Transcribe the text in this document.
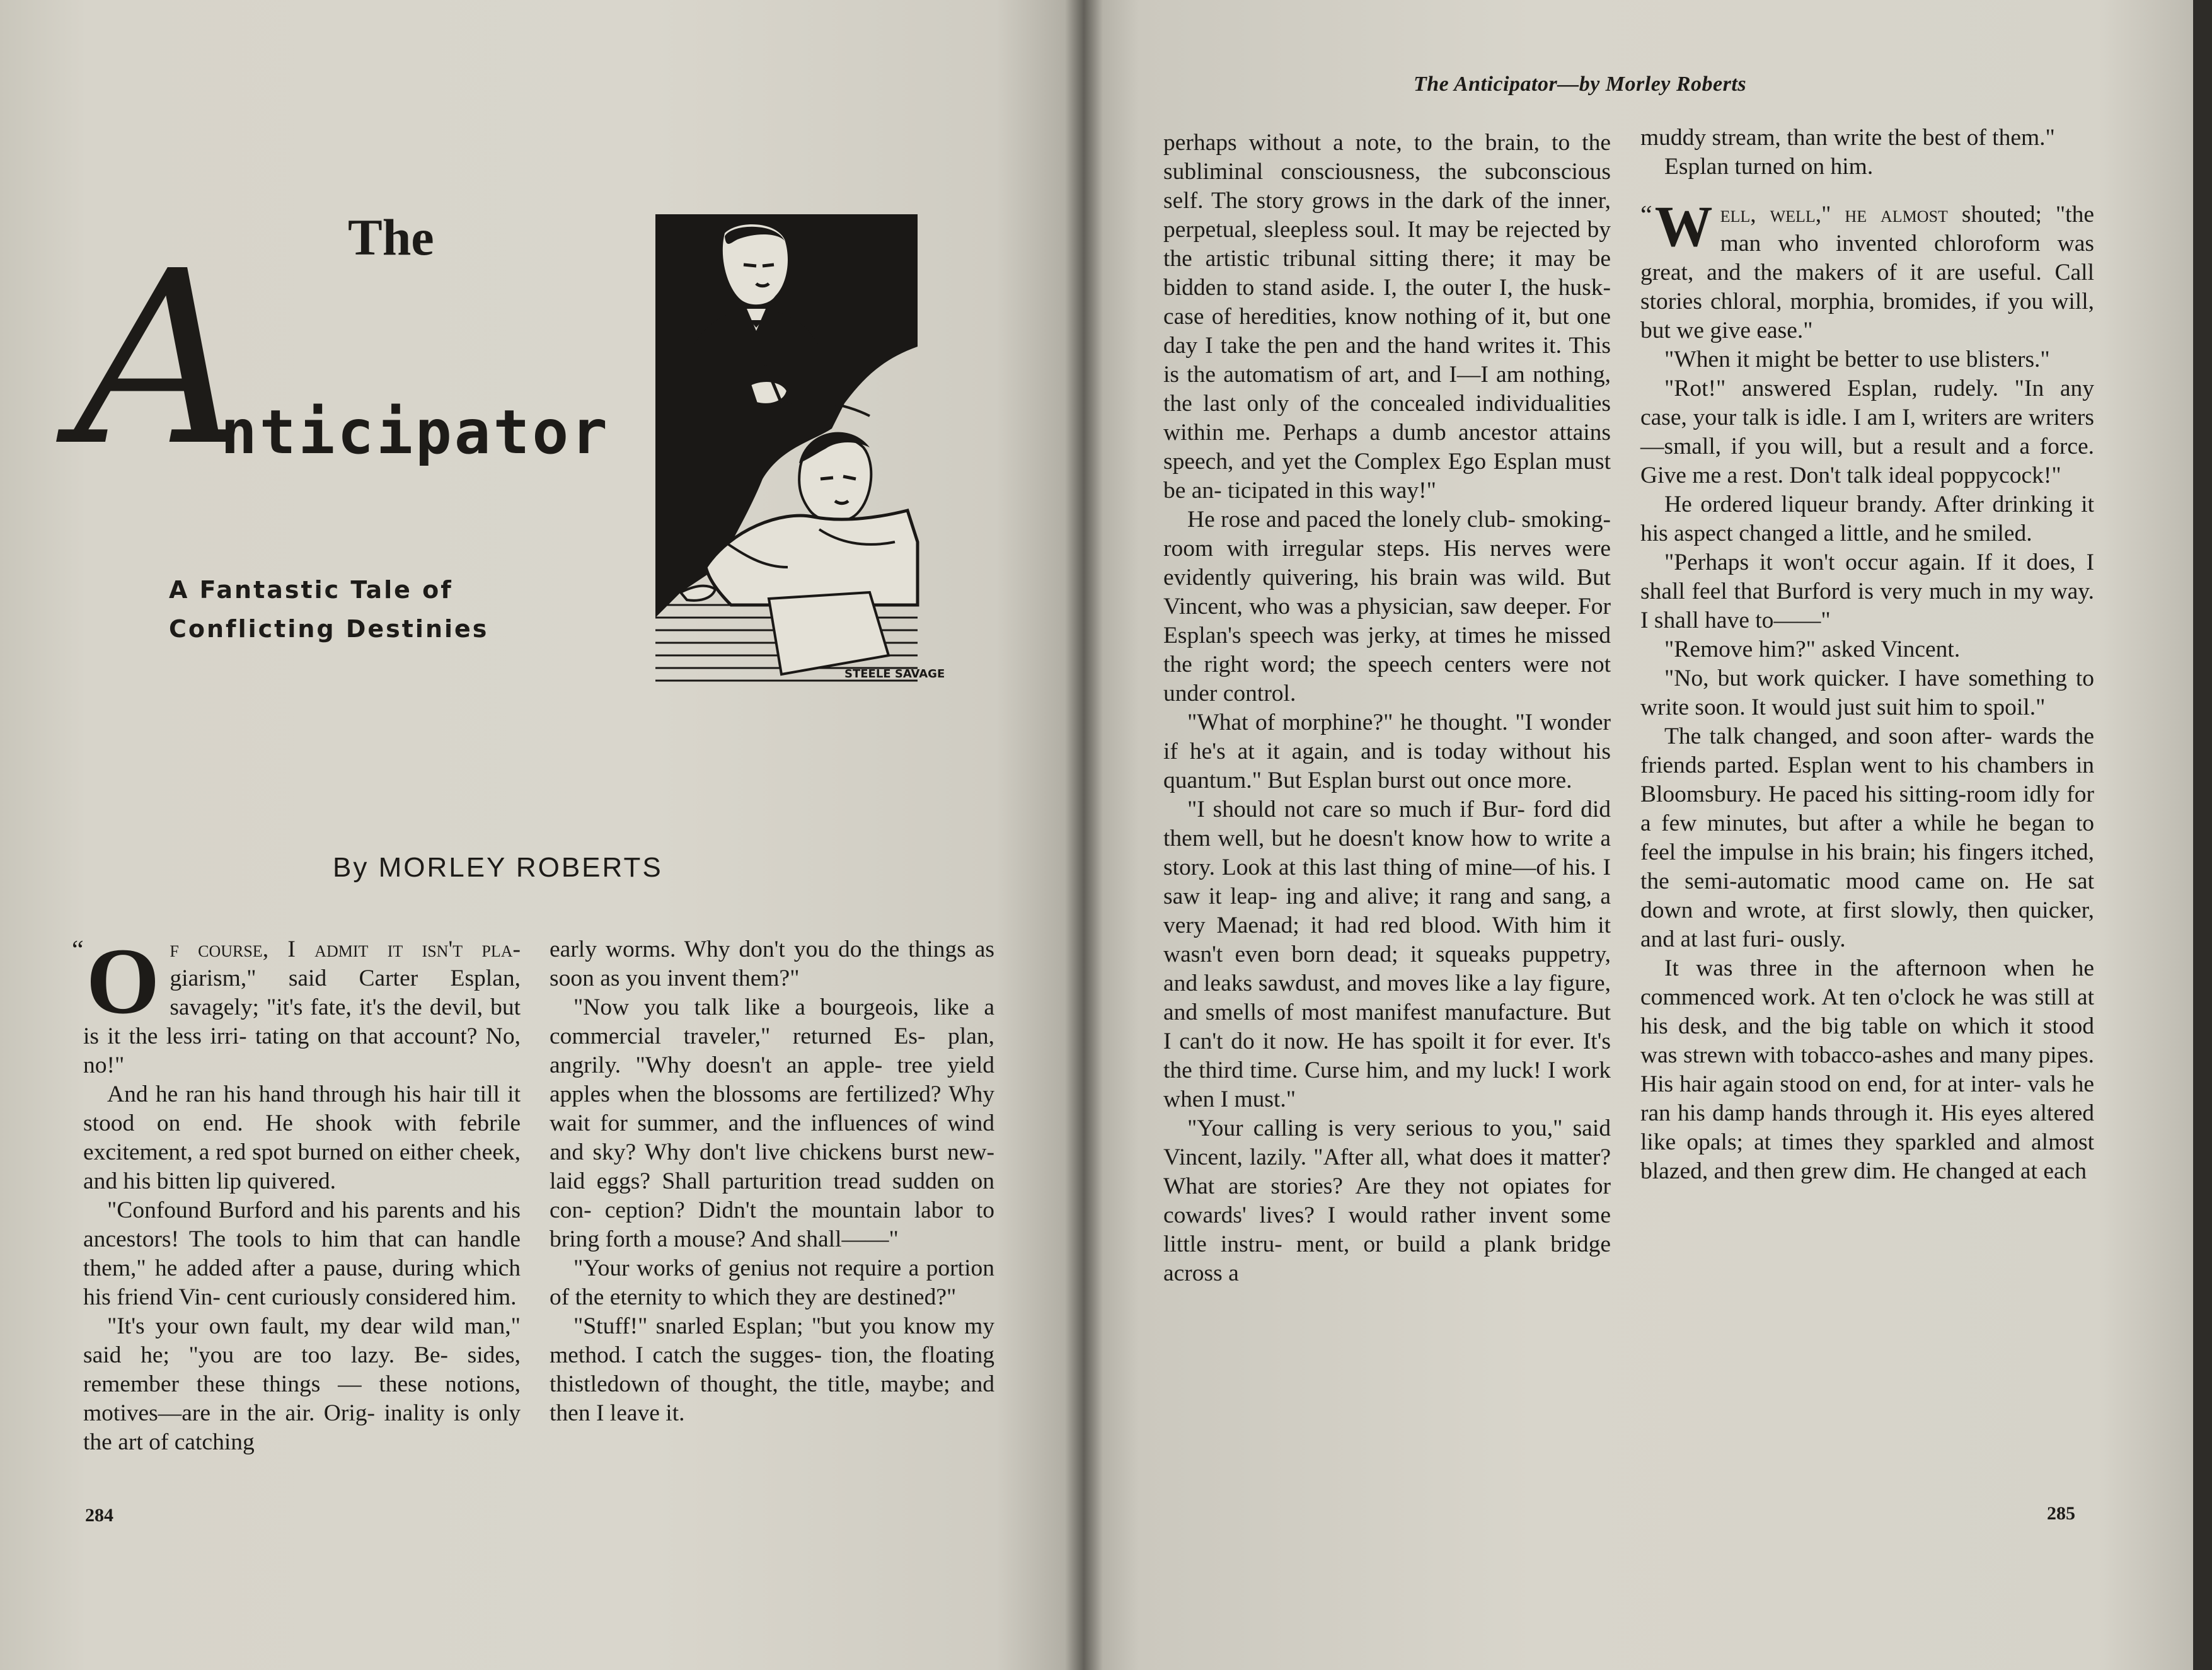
The
A
nticipator
A Fantastic Tale of
Conflicting Destinies
STEELE SAVAGE
By MORLEY ROBERTS

“ O f course, I admit it isn't pla- giarism," said Carter Esplan, savagely; "it's fate, it's the devil, but is it the less irri- tating on that account? No, no!"

And he ran his hand through his hair till it stood on end. He shook with febrile excitement, a red spot burned on either cheek, and his bitten lip quivered.

"Confound Burford and his parents and his ancestors! The tools to him that can handle them," he added after a pause, during which his friend Vin- cent curiously considered him.

"It's your own fault, my dear wild man," said he; "you are too lazy. Be- sides, remember these things — these notions, motives—are in the air. Orig- inality is only the art of catching

early worms. Why don't you do the things as soon as you invent them?"

"Now you talk like a bourgeois, like a commercial traveler," returned Es- plan, angrily. "Why doesn't an apple- tree yield apples when the blossoms are fertilized? Why wait for summer, and the influences of wind and sky? Why don't live chickens burst new-laid eggs? Shall parturition tread sudden on con- ception? Didn't the mountain labor to bring forth a mouse? And shall——"

"Your works of genius not require a portion of the eternity to which they are destined?"

"Stuff!" snarled Esplan; "but you know my method. I catch the sugges- tion, the floating thistledown of thought, the title, maybe; and then I leave it.

284
The Anticipator—by Morley Roberts

perhaps without a note, to the brain, to the subliminal consciousness, the subconscious self. The story grows in the dark of the inner, perpetual, sleepless soul. It may be rejected by the artistic tribunal sitting there; it may be bidden to stand aside. I, the outer I, the husk-case of heredities, know nothing of it, but one day I take the pen and the hand writes it. This is the automatism of art, and I—I am nothing, the last only of the concealed individualities within me. Perhaps a dumb ancestor attains speech, and yet the Complex Ego Esplan must be an- ticipated in this way!"

He rose and paced the lonely club- smoking-room with irregular steps. His nerves were evidently quivering, his brain was wild. But Vincent, who was a physician, saw deeper. For Esplan's speech was jerky, at times he missed the right word; the speech centers were not under control.

"What of morphine?" he thought. "I wonder if he's at it again, and is today without his quantum." But Esplan burst out once more.

"I should not care so much if Bur- ford did them well, but he doesn't know how to write a story. Look at this last thing of mine—of his. I saw it leap- ing and alive; it rang and sang, a very Maenad; it had red blood. With him it wasn't even born dead; it squeaks puppetry, and leaks sawdust, and moves like a lay figure, and smells of most manifest manufacture. But I can't do it now. He has spoilt it for ever. It's the third time. Curse him, and my luck! I work when I must."

"Your calling is very serious to you," said Vincent, lazily. "After all, what does it matter? What are stories? Are they not opiates for cowards' lives? I would rather invent some little instru- ment, or build a plank bridge across a

muddy stream, than write the best of them."

Esplan turned on him.

“ W ell, well," he almost shouted; "the man who invented chloroform was great, and the makers of it are useful. Call stories chloral, morphia, bromides, if you will, but we give ease."

"When it might be better to use blisters."

"Rot!" answered Esplan, rudely. "In any case, your talk is idle. I am I, writers are writers—small, if you will, but a result and a force. Give me a rest. Don't talk ideal poppycock!"

He ordered liqueur brandy. After drinking it his aspect changed a little, and he smiled.

"Perhaps it won't occur again. If it does, I shall feel that Burford is very much in my way. I shall have to——"

"Remove him?" asked Vincent.

"No, but work quicker. I have something to write soon. It would just suit him to spoil."

The talk changed, and soon after- wards the friends parted. Esplan went to his chambers in Bloomsbury. He paced his sitting-room idly for a few minutes, but after a while he began to feel the impulse in his brain; his fingers itched, the semi-automatic mood came on. He sat down and wrote, at first slowly, then quicker, and at last furi- ously.

It was three in the afternoon when he commenced work. At ten o'clock he was still at his desk, and the big table on which it stood was strewn with tobacco-ashes and many pipes. His hair again stood on end, for at inter- vals he ran his damp hands through it. His eyes altered like opals; at times they sparkled and almost blazed, and then grew dim. He changed at each

285
